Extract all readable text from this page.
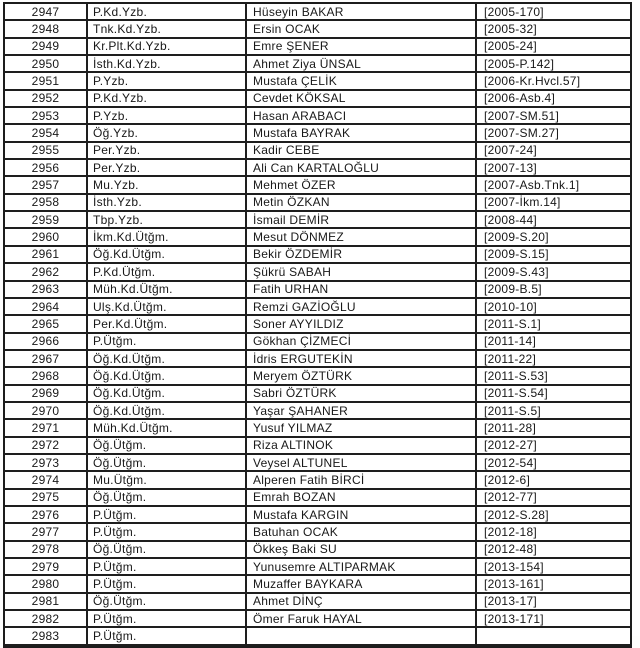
2947	P.Kd.Yzb.	Hüseyin BAKAR	[2005-170]
2948	Tnk.Kd.Yzb.	Ersin OCAK	[2005-32]
2949	Kr.Plt.Kd.Yzb.	Emre ŞENER	[2005-24]
2950	İsth.Kd.Yzb.	Ahmet Ziya ÜNSAL	[2005-P.142]
2951	P.Yzb.	Mustafa ÇELİK	[2006-Kr.Hvcl.57]
2952	P.Kd.Yzb.	Cevdet KÖKSAL	[2006-Asb.4]
2953	P.Yzb.	Hasan ARABACI	[2007-SM.51]
2954	Öğ.Yzb.	Mustafa BAYRAK	[2007-SM.27]
2955	Per.Yzb.	Kadir CEBE	[2007-24]
2956	Per.Yzb.	Ali Can KARTALOĞLU	[2007-13]
2957	Mu.Yzb.	Mehmet ÖZER	[2007-Asb.Tnk.1]
2958	İsth.Yzb.	Metin ÖZKAN	[2007-İkm.14]
2959	Tbp.Yzb.	İsmail DEMİR	[2008-44]
2960	İkm.Kd.Ütğm.	Mesut DÖNMEZ	[2009-S.20]
2961	Öğ.Kd.Ütğm.	Bekir ÖZDEMİR	[2009-S.15]
2962	P.Kd.Ütğm.	Şükrü SABAH	[2009-S.43]
2963	Müh.Kd.Ütğm.	Fatih URHAN	[2009-B.5]
2964	Ulş.Kd.Ütğm.	Remzi GAZİOĞLU	[2010-10]
2965	Per.Kd.Ütğm.	Soner AYYILDIZ	[2011-S.1]
2966	P.Ütğm.	Gökhan ÇİZMECİ	[2011-14]
2967	Öğ.Kd.Ütğm.	İdris ERGUTEKİN	[2011-22]
2968	Öğ.Kd.Ütğm.	Meryem ÖZTÜRK	[2011-S.53]
2969	Öğ.Kd.Ütğm.	Sabri ÖZTÜRK	[2011-S.54]
2970	Öğ.Kd.Ütğm.	Yaşar ŞAHANER	[2011-S.5]
2971	Müh.Kd.Ütğm.	Yusuf YILMAZ	[2011-28]
2972	Öğ.Ütğm.	Riza ALTINOK	[2012-27]
2973	Öğ.Ütğm.	Veysel ALTUNEL	[2012-54]
2974	Mu.Ütğm.	Alperen Fatih BİRCİ	[2012-6]
2975	Öğ.Ütğm.	Emrah BOZAN	[2012-77]
2976	P.Ütğm.	Mustafa KARGIN	[2012-S.28]
2977	P.Ütğm.	Batuhan OCAK	[2012-18]
2978	Öğ.Ütğm.	Ökkeş Baki SU	[2012-48]
2979	P.Ütğm.	Yunusemre ALTIPARMAK	[2013-154]
2980	P.Ütğm.	Muzaffer BAYKARA	[2013-161]
2981	Öğ.Ütğm.	Ahmet DİNÇ	[2013-17]
2982	P.Ütğm.	Ömer Faruk HAYAL	[2013-171]
2983	P.Ütğm.
